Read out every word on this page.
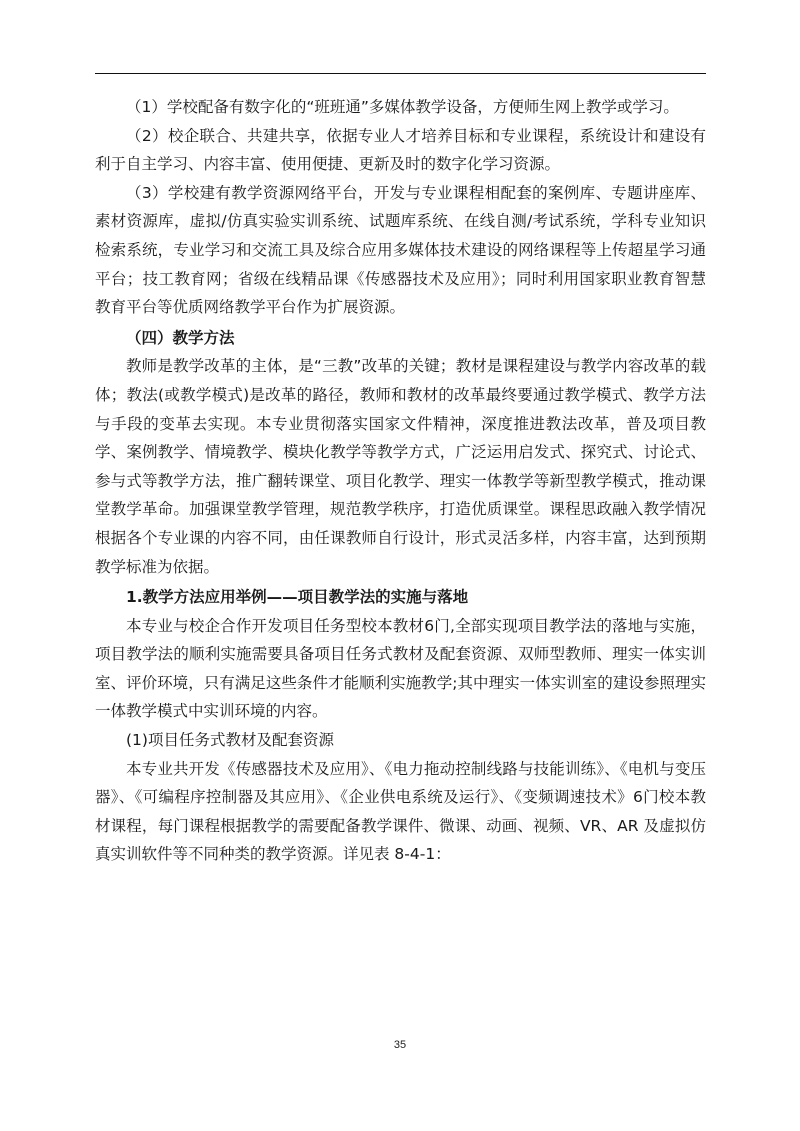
（1）学校配备有数字化的“班班通”多媒体教学设备，方便师生网上教学或学习。

（2）校企联合、共建共享，依据专业人才培养目标和专业课程，系统设计和建设有利于自主学习、内容丰富、使用便捷、更新及时的数字化学习资源。

（3）学校建有教学资源网络平台，开发与专业课程相配套的案例库、专题讲座库、素材资源库，虚拟/仿真实验实训系统、试题库系统、在线自测/考试系统，学科专业知识检索系统，专业学习和交流工具及综合应用多媒体技术建设的网络课程等上传超星学习通平台；技工教育网；省级在线精品课《传感器技术及应用》；同时利用国家职业教育智慧教育平台等优质网络教学平台作为扩展资源。

（四）教学方法

教师是教学改革的主体，是“三教”改革的关键；教材是课程建设与教学内容改革的载体；教法(或教学模式)是改革的路径，教师和教材的改革最终要通过教学模式、教学方法与手段的变革去实现。本专业贯彻落实国家文件精神，深度推进教法改革，普及项目教学、案例教学、情境教学、模块化教学等教学方式，广泛运用启发式、探究式、讨论式、参与式等教学方法，推广翻转课堂、项目化教学、理实一体教学等新型教学模式，推动课堂教学革命。加强课堂教学管理，规范教学秩序，打造优质课堂。课程思政融入教学情况根据各个专业课的内容不同，由任课教师自行设计，形式灵活多样，内容丰富，达到预期教学标准为依据。

1.教学方法应用举例——项目教学法的实施与落地

本专业与校企合作开发项目任务型校本教材6门,全部实现项目教学法的落地与实施，项目教学法的顺利实施需要具备项目任务式教材及配套资源、双师型教师、理实一体实训室、评价环境，只有满足这些条件才能顺利实施教学;其中理实一体实训室的建设参照理实一体教学模式中实训环境的内容。

(1)项目任务式教材及配套资源

本专业共开发《传感器技术及应用》、《电力拖动控制线路与技能训练》、《电机与变压器》、《可编程序控制器及其应用》、《企业供电系统及运行》、《变频调速技术》6门校本教材课程，每门课程根据教学的需要配备教学课件、微课、动画、视频、VR、AR 及虚拟仿真实训软件等不同种类的教学资源。详见表 8-4-1：

35
